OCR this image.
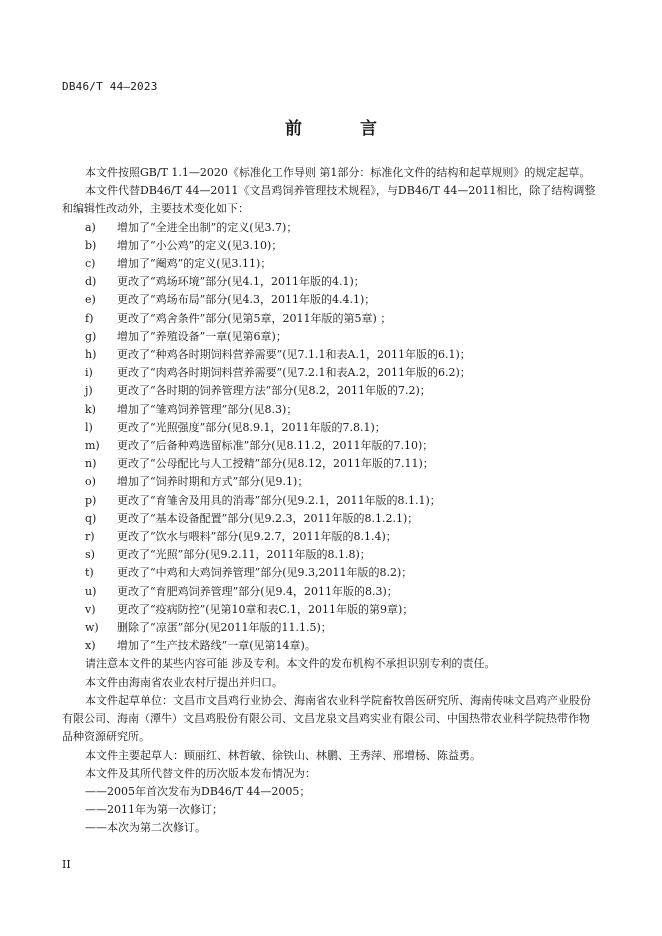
DB46/T 44—2023
前 言

本文件按照GB/T 1.1—2020《标准化工作导则 第1部分：标准化文件的结构和起草规则》的规定起草。

本文件代替DB46/T 44—2011《文昌鸡饲养管理技术规程》，与DB46/T 44—2011相比，除了结构调整和编辑性改动外，主要技术变化如下：

a) 增加了“全进全出制”的定义(见3.7)；

b) 增加了“小公鸡”的定义(见3.10)；

c) 增加了“阉鸡”的定义(见3.11)；

d) 更改了“鸡场环境”部分(见4.1，2011年版的4.1)；

e) 更改了“鸡场布局”部分(见4.3，2011年版的4.4.1)；

f) 更改了“鸡舍条件”部分(见第5章，2011年版的第5章) ；

g) 增加了“养殖设备”一章(见第6章)；

h) 更改了“种鸡各时期饲料营养需要”(见7.1.1和表A.1，2011年版的6.1)；

i) 更改了“肉鸡各时期饲料营养需要”(见7.2.1和表A.2，2011年版的6.2)；

j) 更改了“各时期的饲养管理方法”部分(见8.2，2011年版的7.2)；

k) 增加了“雏鸡饲养管理”部分(见8.3)；

l) 更改了“光照强度”部分(见8.9.1，2011年版的7.8.1)；

m) 更改了“后备种鸡选留标准”部分(见8.11.2，2011年版的7.10)；

n) 更改了“公母配比与人工授精”部分(见8.12，2011年版的7.11)；

o) 增加了“饲养时期和方式”部分(见9.1)；

p) 更改了“育雏舍及用具的消毒”部分(见9.2.1，2011年版的8.1.1)；

q) 更改了“基本设备配置”部分(见9.2.3，2011年版的8.1.2.1)；

r) 更改了“饮水与喂料”部分(见9.2.7，2011年版的8.1.4)；

s) 更改了“光照”部分(见9.2.11，2011年版的8.1.8)；

t) 更改了“中鸡和大鸡饲养管理”部分(见9.3,2011年版的8.2)；

u) 更改了“育肥鸡饲养管理”部分(见9.4，2011年版的8.3)；

v) 更改了“疫病防控”(见第10章和表C.1，2011年版的第9章)；

w) 删除了“凉蛋”部分(见2011年版的11.1.5)；

x) 增加了“生产技术路线”一章(见第14章)。

请注意本文件的某些内容可能 涉及专利。本文件的发布机构不承担识别专利的责任。

本文件由海南省农业农村厅提出并归口。

本文件起草单位：文昌市文昌鸡行业协会、海南省农业科学院畜牧兽医研究所、海南传味文昌鸡产业股份有限公司、海南（潭牛）文昌鸡股份有限公司、文昌龙泉文昌鸡实业有限公司、中国热带农业科学院热带作物品种资源研究所。

本文件主要起草人：顾丽红、林哲敏、徐铁山、林鹏、王秀萍、邢增杨、陈益勇。

本文件及其所代替文件的历次版本发布情况为：

——2005年首次发布为DB46/T 44—2005；

——2011年为第一次修订；

——本次为第二次修订。

II
